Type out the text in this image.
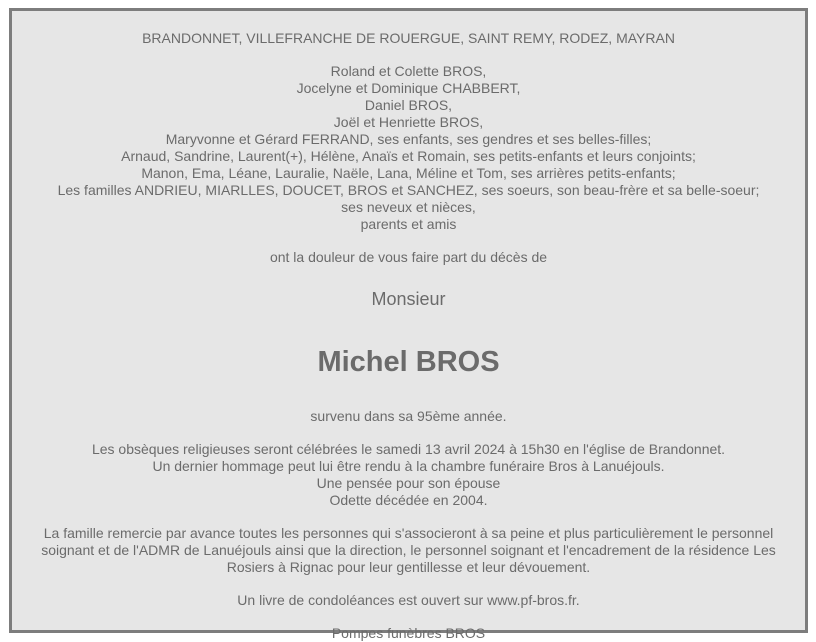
BRANDONNET, VILLEFRANCHE DE ROUERGUE, SAINT REMY, RODEZ, MAYRAN

Roland et Colette BROS,

Jocelyne et Dominique CHABBERT,

Daniel BROS,

Joël et Henriette BROS,

Maryvonne et Gérard FERRAND, ses enfants, ses gendres et ses belles-filles;

Arnaud, Sandrine, Laurent(+), Hélène, Anaïs et Romain, ses petits-enfants et leurs conjoints;

Manon, Ema, Léane, Lauralie, Naële, Lana, Méline et Tom, ses arrières petits-enfants;

Les familles ANDRIEU, MIARLLES, DOUCET, BROS et SANCHEZ, ses soeurs, son beau-frère et sa belle-soeur;

ses neveux et nièces,

parents et amis

ont la douleur de vous faire part du décès de

Monsieur

Michel BROS

survenu dans sa 95ème année.

Les obsèques religieuses seront célébrées le samedi 13 avril 2024 à 15h30 en l'église de Brandonnet.

Un dernier hommage peut lui être rendu à la chambre funéraire Bros à Lanuéjouls.

Une pensée pour son épouse

Odette décédée en 2004.

La famille remercie par avance toutes les personnes qui s'associeront à sa peine et plus particulièrement le personnel soignant et de l'ADMR de Lanuéjouls ainsi que la direction, le personnel soignant et l'encadrement de la résidence Les Rosiers à Rignac pour leur gentillesse et leur dévouement.

Un livre de condoléances est ouvert sur www.pf-bros.fr.

Pompes funèbres BROS
